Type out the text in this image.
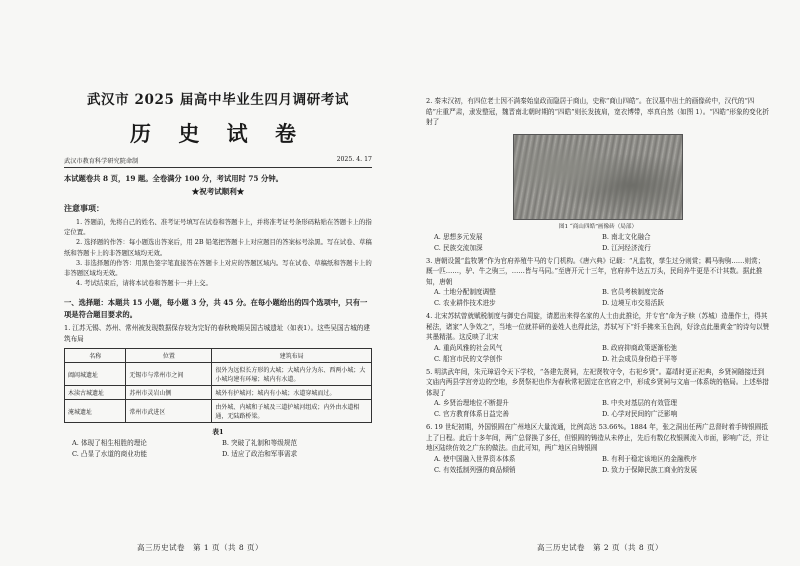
武汉市 2025 届高中毕业生四月调研考试

历 史 试 卷

武汉市教育科学研究院命制	2025. 4. 17

本试题卷共 8 页，19 题。全卷满分 100 分，考试用时 75 分钟。

★祝考试顺利★

注意事项：

1. 答题前，先将自己的姓名、准考证号填写在试卷和答题卡上，并将准考证号条形码粘贴在答题卡上的指定位置。

2. 选择题的作答：每小题选出答案后，用 2B 铅笔把答题卡上对应题目的答案标号涂黑。写在试卷、草稿纸和答题卡上的非答题区域均无效。

3. 非选择题的作答：用黑色签字笔直接答在答题卡上对应的答题区域内。写在试卷、草稿纸和答题卡上的非答题区域均无效。

4. 考试结束后，请将本试卷和答题卡一并上交。

一、选择题：本题共 15 小题，每小题 3 分，共 45 分。在每小题给出的四个选项中，只有一项是符合题目要求的。

1. 江苏无锡、苏州、常州被发现数据保存较为完好的春秋晚期吴国古城遗址（如表1）。这些吴国古城的建筑布局

名称	位置	建筑布局
阖闾城遗址	无锡市与常州市之间	很外为远似长方形的大城；大城内分为东、西两小城；大小城均建有环壕；城内有水道。
木渎古城遗址	苏州市灵岩山侧	城外有护城河；城内有小城；水道穿城而过。
淹城遗址	常州市武进区	由外城、内城和子城及三道护城河组成；内外由水道相通，无陆路桥梁。

表1

A. 体现了相生相胜的理论	B. 突破了礼制和等级规范
C. 凸显了水道的商业功能	D. 适应了政治和军事需求
高三历史试卷　第 1 页（共 8 页）

2. 秦末汉初，有四位老士因不满秦始皇政而隐居于商山，史称“商山四皓”。在汉墓中出土的画像砖中，汉代的“四皓”庄重严肃，隶发整冠，魏晋南北朝时期的“四皓”则长发披肩，宽衣博带，率真自然（如图 1）。“四皓”形象的变化折射了

图1 “商山四皓”画像砖（局部）
A. 思想多元发展	B. 南北文化融合
C. 民族交流加深	D. 江河经济流行

3. 唐朝设置“监牧署”作为官府养殖牛马的专门机构。《唐六典》记载：“凡监牧，孳生过分则赏；羁马驹驹……则赏；厩一匹……，驴、牛之驹三，……皆与马同。”至唐开元十三年，官府养牛达五万头，民间养牛更是不计其数。据此推知，唐朝

A. 土地分配制度调整	B. 官员考核制度完备
C. 农业耕作技术进步	D. 边境互市交易活跃

4. 北宋苏轼曾就赋税制度与御史台周旋，请愿出来得名家的人士由此推论，并专官“命为子赎（苏城）造墨作士，得其秘法，诸家”人争效之”，当地一位就祥研的姜姓人也得此法，苏轼写下“纤手拂来玉色润，好涂点此墨黄金”的诗句以赞其墨精湛。这反映了北宋

A. 重尚风雅的社会风气	B. 政府抑商政策逐渐松弛
C. 船宫市民的文学创作	D. 社会成员身份趋于平等

5. 明洪武年间，朱元璋诏令天下学校，“各建先贤祠，左祀贤牧守令，右祀乡贤”。嘉靖时更正祀典，乡贤祠随接迁到文庙内两县学宫旁边的空地，乡贤祭祀也作为春秋常祀固定在官府之中，形成乡贤祠与文庙一体系统的格局。上述举措体现了

A. 乡贤治理地位不断提升	B. 中央对基层的有效管理
C. 官方教育体系日益完善	D. 心学对民间的广泛影响

6. 19 世纪初期，外国银圆在广州地区大量流通，比例高达 53.66%。1884 年，张之洞出任两广总督时着手铸银圆抵上了日程。此后十多年间，两广总督换了多任，但银圆的铸造从未停止，先后有数亿枚银圆流入市面，影响广泛，并让地区陆续仿效之广东的做法。由此可知，两广地区自铸银圆

A. 使中国融入世界资本体系	B. 有利于稳定该地区的金融秩序
C. 有效抵制列强的商品倾销	D. 致力于保障民族工商业的发展
高三历史试卷　第 2 页（共 8 页）
